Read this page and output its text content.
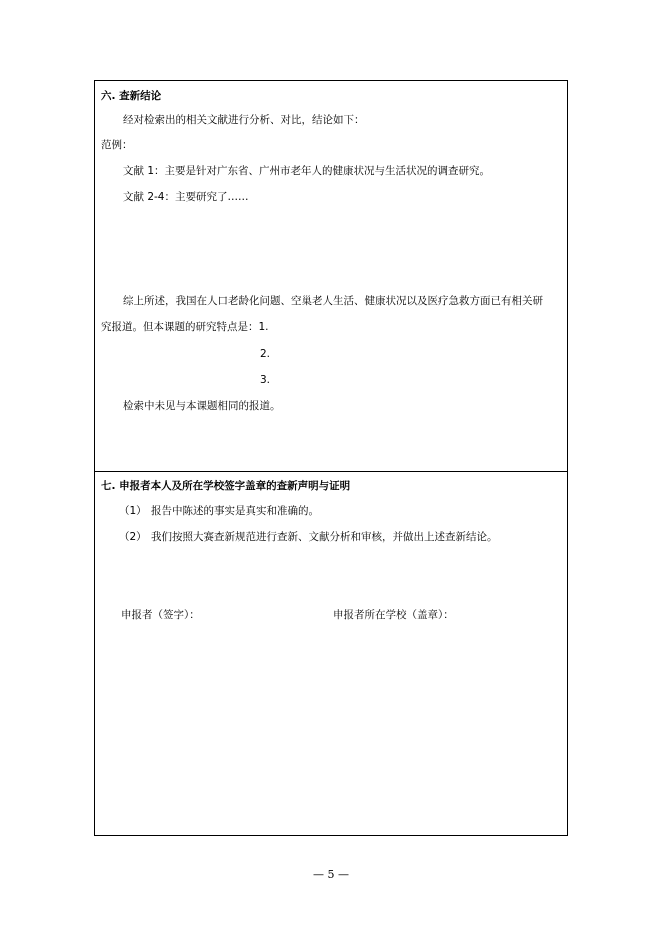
六. 查新结论
经对检索出的相关文献进行分析、对比，结论如下：
范例：
文献 1：主要是针对广东省、广州市老年人的健康状况与生活状况的调查研究。
文献 2-4：主要研究了……
综上所述，我国在人口老龄化问题、空巢老人生活、健康状况以及医疗急救方面已有相关研
究报道。但本课题的研究特点是：1.
2.
3.
检索中未见与本课题相同的报道。
七. 申报者本人及所在学校签字盖章的查新声明与证明
（1） 报告中陈述的事实是真实和准确的。
（2） 我们按照大赛查新规范进行查新、文献分析和审核，并做出上述查新结论。
申报者（签字）：	申报者所在学校（盖章）：
— 5 —
